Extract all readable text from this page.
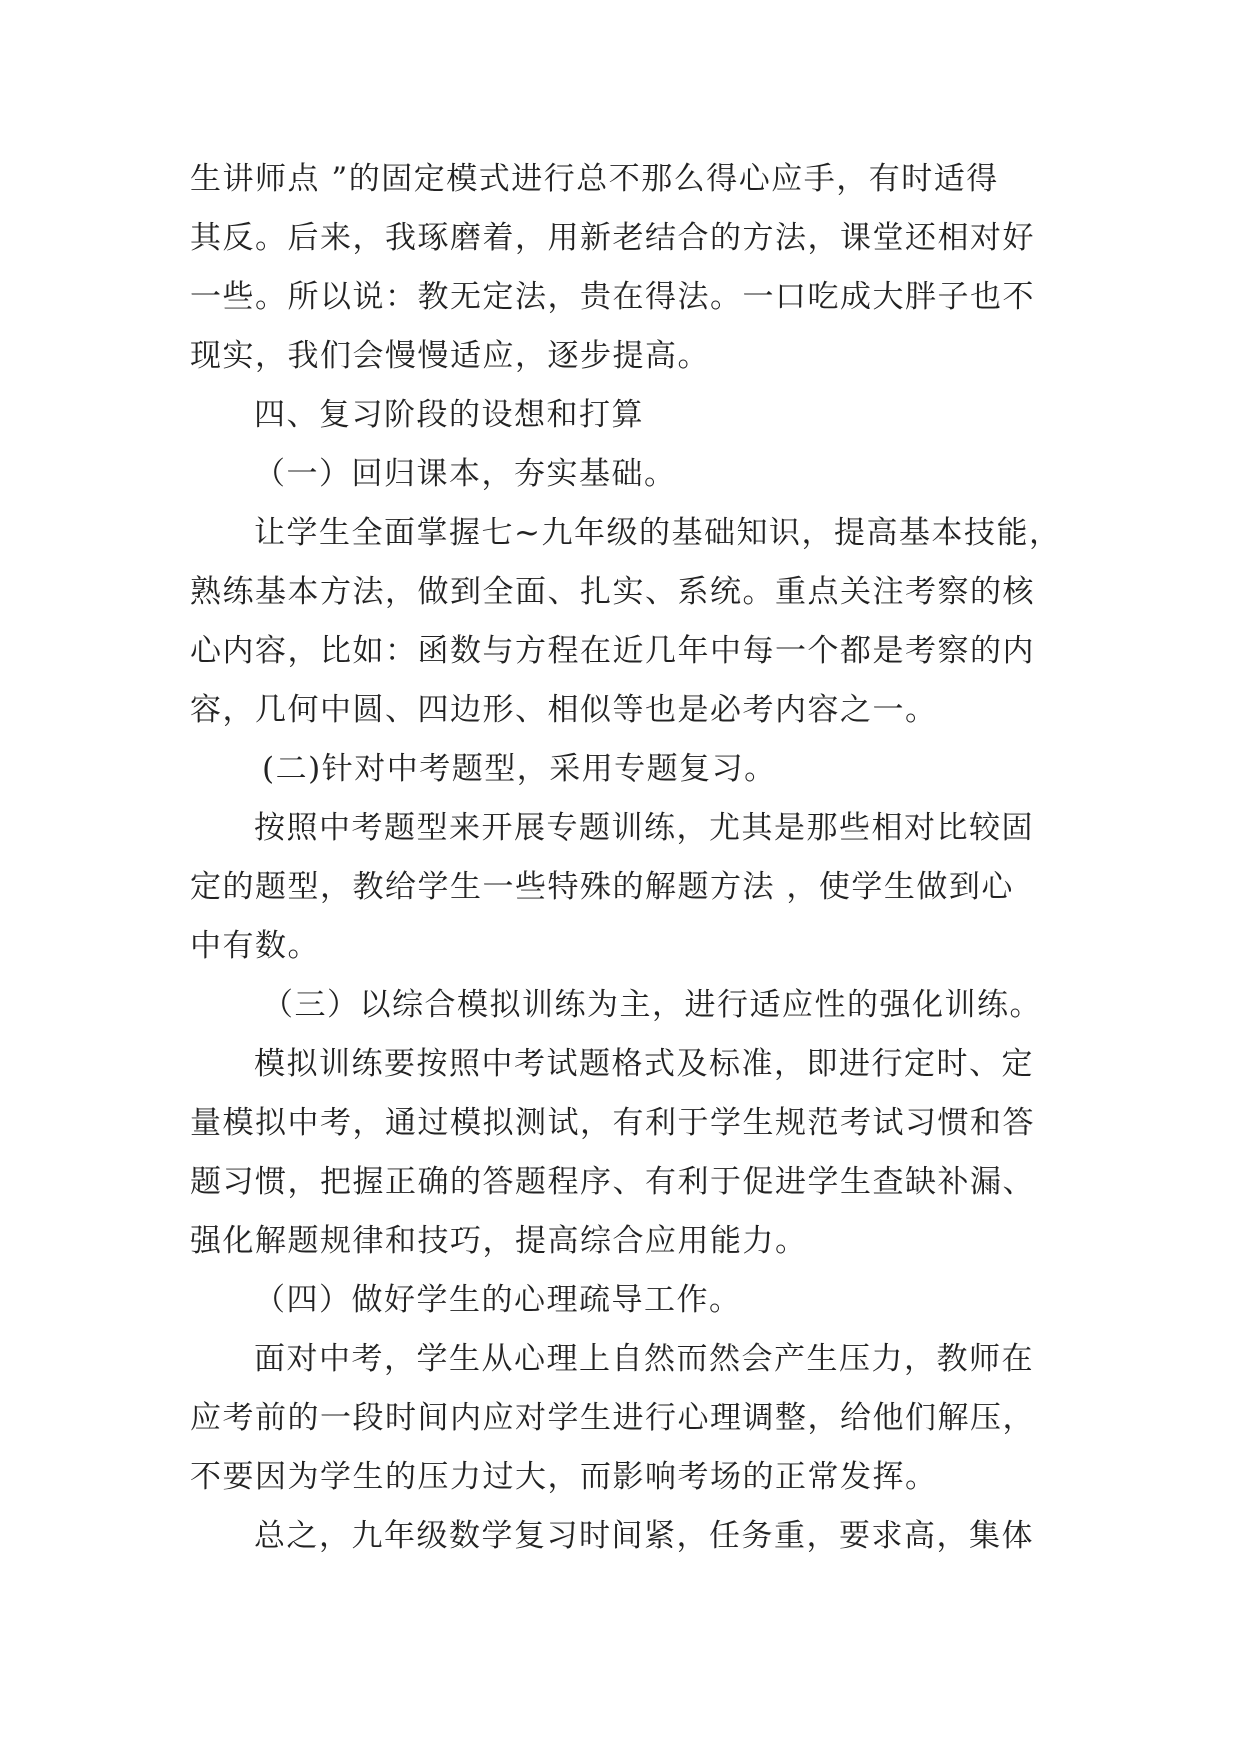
生讲师点 ”的固定模式进行总不那么得心应手，有时适得
其反。后来，我琢磨着，用新老结合的方法，课堂还相对好
一些。所以说：教无定法，贵在得法。一口吃成大胖子也不
现实，我们会慢慢适应，逐步提高。
四、复习阶段的设想和打算
（一）回归课本，夯实基础。
让学生全面掌握七~九年级的基础知识，提高基本技能，
熟练基本方法，做到全面、扎实、系统。重点关注考察的核
心内容，比如：函数与方程在近几年中每一个都是考察的内
容，几何中圆、四边形、相似等也是必考内容之一。
(二)针对中考题型，采用专题复习。
按照中考题型来开展专题训练，尤其是那些相对比较固
定的题型，教给学生一些特殊的解题方法 ，使学生做到心
中有数。
（三）以综合模拟训练为主，进行适应性的强化训练。
模拟训练要按照中考试题格式及标准，即进行定时、定
量模拟中考，通过模拟测试，有利于学生规范考试习惯和答
题习惯，把握正确的答题程序、有利于促进学生查缺补漏、
强化解题规律和技巧，提高综合应用能力。
（四）做好学生的心理疏导工作。
面对中考，学生从心理上自然而然会产生压力，教师在
应考前的一段时间内应对学生进行心理调整，给他们解压，
不要因为学生的压力过大，而影响考场的正常发挥。
总之，九年级数学复习时间紧，任务重，要求高，集体
